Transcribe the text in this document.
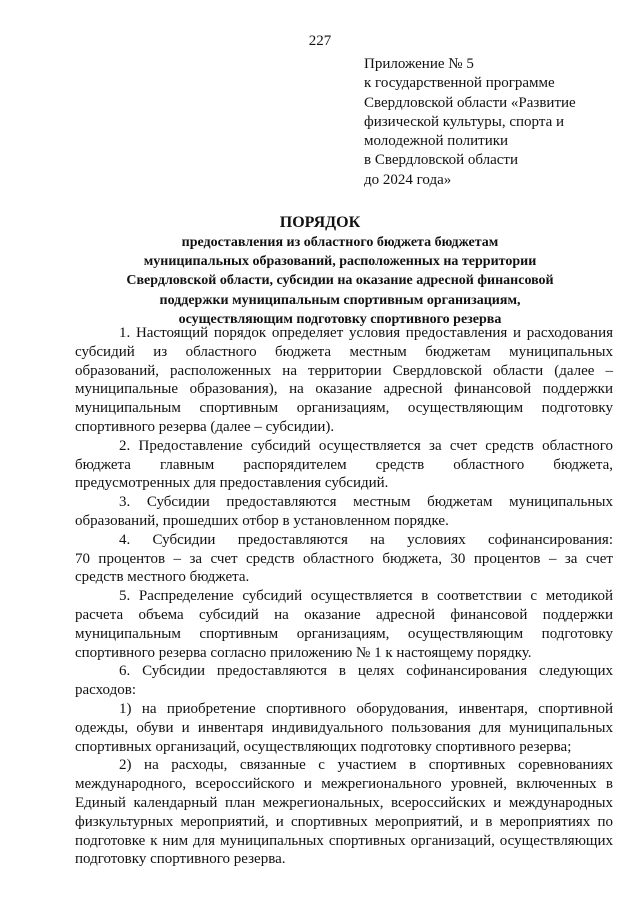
227
Приложение № 5
к государственной программе
Свердловской области «Развитие
физической культуры, спорта и
молодежной политики
в Свердловской области
до 2024 года»
ПОРЯДОК
предоставления из областного бюджета бюджетам
муниципальных образований, расположенных на территории
Свердловской области, субсидии на оказание адресной финансовой
поддержки муниципальным спортивным организациям,
осуществляющим подготовку спортивного резерва
1. Настоящий порядок определяет условия предоставления и расходования
субсидий из областного бюджета местным бюджетам муниципальных
образований, расположенных на территории Свердловской области (далее –
муниципальные образования), на оказание адресной финансовой поддержки
муниципальным спортивным организациям, осуществляющим подготовку
спортивного резерва (далее – субсидии).
2. Предоставление субсидий осуществляется за счет средств областного
бюджета главным распорядителем средств областного бюджета,
предусмотренных для предоставления субсидий.
3. Субсидии предоставляются местным бюджетам муниципальных
образований, прошедших отбор в установленном порядке.
4. Субсидии предоставляются на условиях софинансирования:
70 процентов – за счет средств областного бюджета, 30 процентов – за счет
средств местного бюджета.
5. Распределение субсидий осуществляется в соответствии с методикой
расчета объема субсидий на оказание адресной финансовой поддержки
муниципальным спортивным организациям, осуществляющим подготовку
спортивного резерва согласно приложению № 1 к настоящему порядку.
6. Субсидии предоставляются в целях софинансирования следующих
расходов:
1) на приобретение спортивного оборудования, инвентаря, спортивной
одежды, обуви и инвентаря индивидуального пользования для муниципальных
спортивных организаций, осуществляющих подготовку спортивного резерва;
2) на расходы, связанные с участием в спортивных соревнованиях
международного, всероссийского и межрегионального уровней, включенных в
Единый календарный план межрегиональных, всероссийских и международных
физкультурных мероприятий, и спортивных мероприятий, и в мероприятиях по
подготовке к ним для муниципальных спортивных организаций, осуществляющих
подготовку спортивного резерва.
